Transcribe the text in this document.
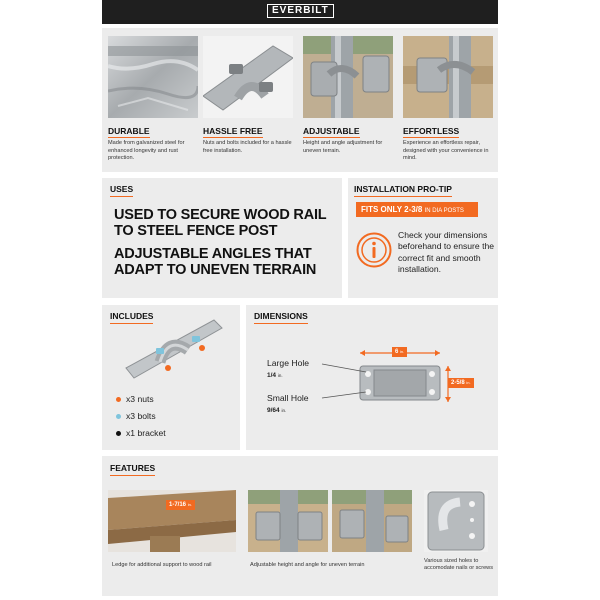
EVERBILT
DURABLE
Made from galvanized steel for enhanced longevity and rust protection.
HASSLE FREE
Nuts and bolts included for a hassle free installation.
ADJUSTABLE
Height and angle adjustment for uneven terrain.
EFFORTLESS
Experience an effortless repair, designed with your convenience in mind.
USES
USED TO SECURE WOOD RAIL TO STEEL FENCE POST
ADJUSTABLE ANGLES THAT ADAPT TO UNEVEN TERRAIN
INSTALLATION PRO-TIP
FITS ONLY 2-3/8 IN DIA POSTS
Check your dimensions beforehand to ensure the correct fit and smooth installation.
INCLUDES
x3 nuts
x3 bolts
x1 bracket
DIMENSIONS
Large Hole
1/4 in.
Small Hole
9/64 in.
6 in.
2-5/8 in.
FEATURES
1-7/16 in.
Ledge for additional support to wood rail	Adjustable height and angle for uneven terrain
Various sized holes to accomodate nails or screws
